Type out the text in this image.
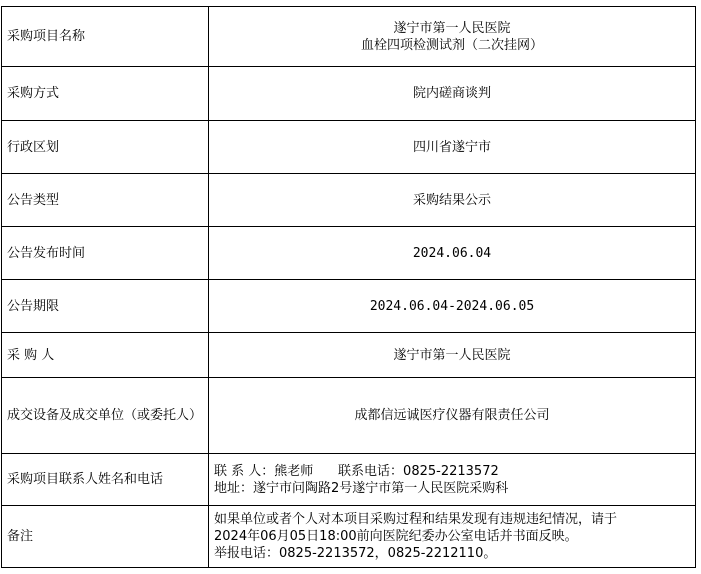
采购项目名称	遂宁市第一人民医院
血栓四项检测试剂（二次挂网）

采购方式	院内磋商谈判
行政区划	四川省遂宁市
公告类型	采购结果公示
公告发布时间	2024.06.04
公告期限	2024.06.04-2024.06.05
采 购 人	遂宁市第一人民医院
成交设备及成交单位（或委托人）	成都信远诚医疗仪器有限责任公司
采购项目联系人姓名和电话	联 系 人：熊老师      联系电话：0825-2213572
地址：遂宁市问陶路2号遂宁市第一人民医院采购科

备注	如果单位或者个人对本项目采购过程和结果发现有违规违纪情况，请于
2024年06月05日18:00前向医院纪委办公室电话并书面反映。
举报电话：0825-2213572，0825-2212110。
